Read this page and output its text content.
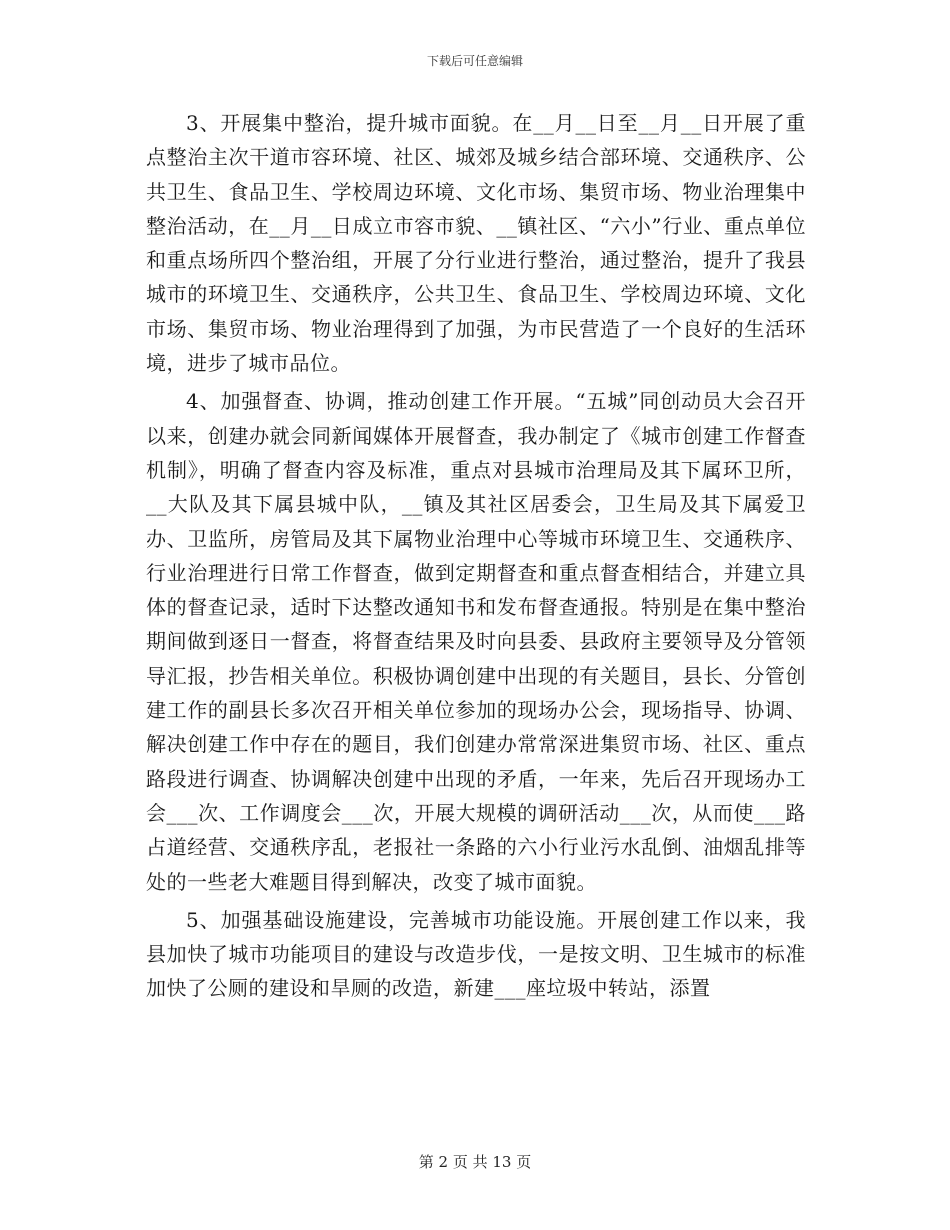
下载后可任意编辑

3、开展集中整治，提升城市面貌。在__月__日至__月__日开展了重点整治主次干道市容环境、社区、城郊及城乡结合部环境、交通秩序、公共卫生、食品卫生、学校周边环境、文化市场、集贸市场、物业治理集中整治活动，在__月__日成立市容市貌、__镇社区、“六小”行业、重点单位和重点场所四个整治组，开展了分行业进行整治，通过整治，提升了我县城市的环境卫生、交通秩序，公共卫生、食品卫生、学校周边环境、文化市场、集贸市场、物业治理得到了加强，为市民营造了一个良好的生活环境，进步了城市品位。

4、加强督查、协调，推动创建工作开展。“五城”同创动员大会召开以来，创建办就会同新闻媒体开展督查，我办制定了《城市创建工作督查机制》，明确了督查内容及标准，重点对县城市治理局及其下属环卫所，__大队及其下属县城中队，__镇及其社区居委会，卫生局及其下属爱卫办、卫监所，房管局及其下属物业治理中心等城市环境卫生、交通秩序、行业治理进行日常工作督查，做到定期督查和重点督查相结合，并建立具体的督查记录，适时下达整改通知书和发布督查通报。特别是在集中整治期间做到逐日一督查，将督查结果及时向县委、县政府主要领导及分管领导汇报，抄告相关单位。积极协调创建中出现的有关题目，县长、分管创建工作的副县长多次召开相关单位参加的现场办公会，现场指导、协调、解决创建工作中存在的题目，我们创建办常常深进集贸市场、社区、重点路段进行调查、协调解决创建中出现的矛盾，一年来，先后召开现场办工会___次、工作调度会___次，开展大规模的调研活动___次，从而使___路占道经营、交通秩序乱，老报社一条路的六小行业污水乱倒、油烟乱排等处的一些老大难题目得到解决，改变了城市面貌。

5、加强基础设施建设，完善城市功能设施。开展创建工作以来，我县加快了城市功能项目的建设与改造步伐，一是按文明、卫生城市的标准加快了公厕的建设和旱厕的改造，新建___座垃圾中转站，添置

第 2 页 共 13 页
